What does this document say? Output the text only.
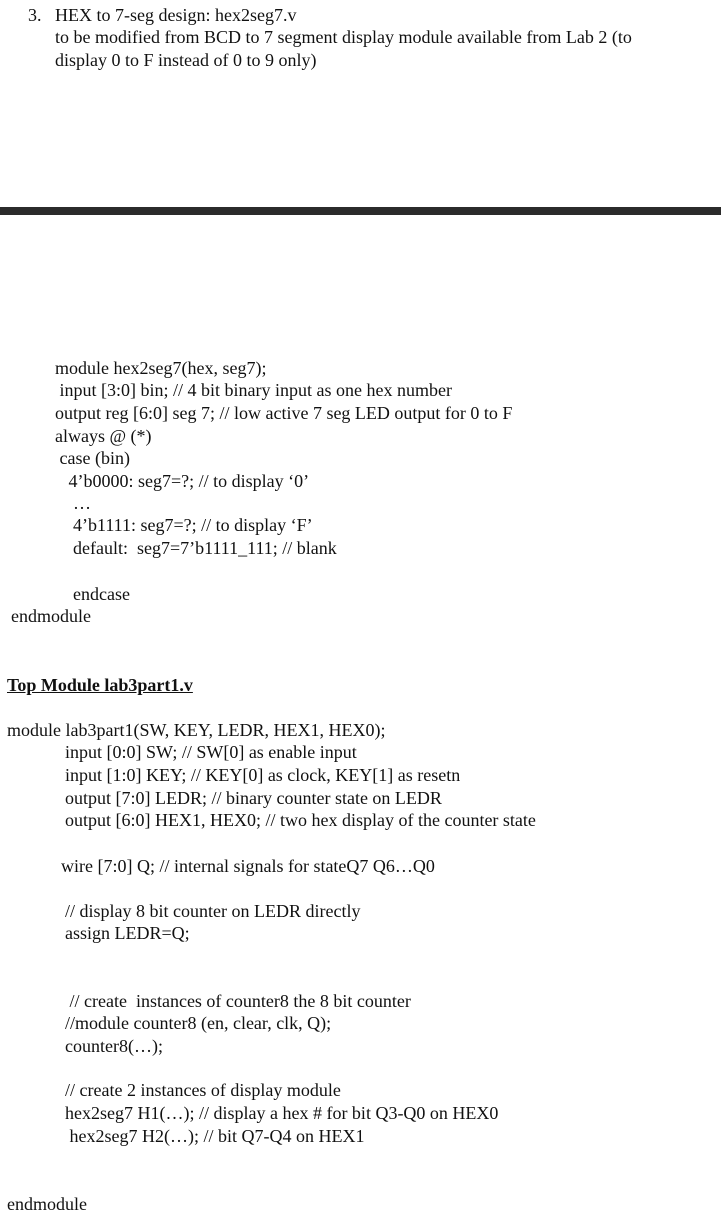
3. HEX to 7-seg design: hex2seg7.v
to be modified from BCD to 7 segment display module available from Lab 2 (to
display 0 to F instead of 0 to 9 only)
module hex2seg7(hex, seg7);
input [3:0] bin; // 4 bit binary input as one hex number
output reg [6:0] seg 7; // low active 7 seg LED output for 0 to F
always @ (*)
case (bin)
4’b0000: seg7=?; // to display ‘0’
…
4’b1111: seg7=?; // to display ‘F’
default:  seg7=7’b1111_111; // blank
endcase
endmodule
Top Module lab3part1.v
module lab3part1(SW, KEY, LEDR, HEX1, HEX0);
input [0:0] SW; // SW[0] as enable input
input [1:0] KEY; // KEY[0] as clock, KEY[1] as resetn
output [7:0] LEDR; // binary counter state on LEDR
output [6:0] HEX1, HEX0; // two hex display of the counter state
wire [7:0] Q; // internal signals for stateQ7 Q6…Q0
// display 8 bit counter on LEDR directly
assign LEDR=Q;
// create  instances of counter8 the 8 bit counter
//module counter8 (en, clear, clk, Q);
counter8(…);
// create 2 instances of display module
hex2seg7 H1(…); // display a hex # for bit Q3-Q0 on HEX0
hex2seg7 H2(…); // bit Q7-Q4 on HEX1
endmodule
